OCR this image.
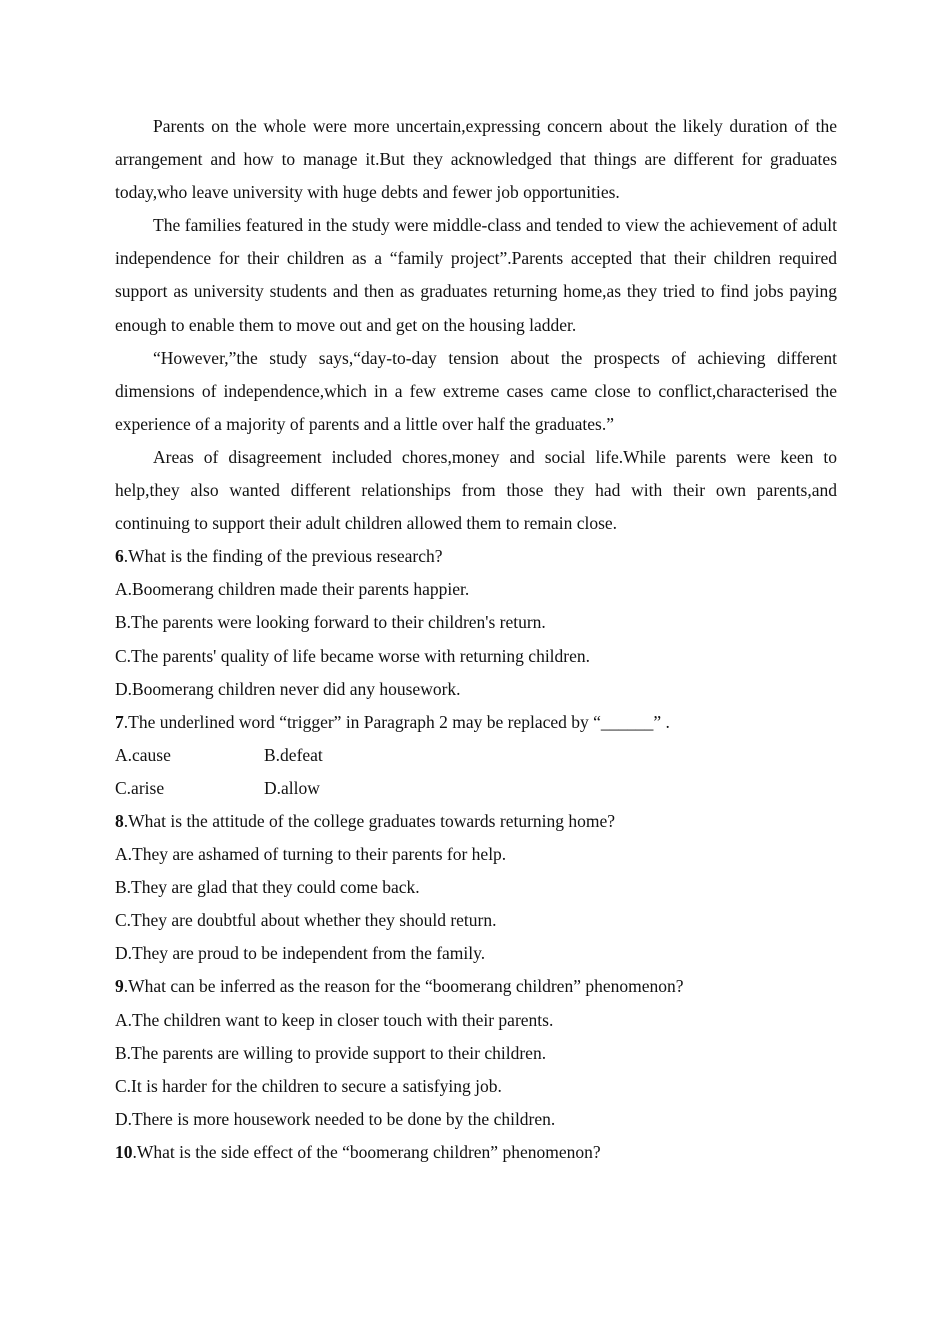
Parents on the whole were more uncertain,expressing concern about the likely duration of the arrangement and how to manage it.But they acknowledged that things are different for graduates today,who leave university with huge debts and fewer job opportunities.

The families featured in the study were middle-class and tended to view the achievement of adult independence for their children as a “family project”.Parents accepted that their children required support as university students and then as graduates returning home,as they tried to find jobs paying enough to enable them to move out and get on the housing ladder.

“However,”the study says,“day-to-day tension about the prospects of achieving different dimensions of independence,which in a few extreme cases came close to conflict,characterised the experience of a majority of parents and a little over half the graduates.”

Areas of disagreement included chores,money and social life.While parents were keen to help,they also wanted different relationships from those they had with their own parents,and continuing to support their adult children allowed them to remain close.

6.What is the finding of the previous research?

A.Boomerang children made their parents happier.

B.The parents were looking forward to their children's return.

C.The parents' quality of life became worse with returning children.

D.Boomerang children never did any housework.

7.The underlined word “trigger” in Paragraph 2 may be replaced by “______” .

A.cause	B.defeat

C.arise	D.allow

8.What is the attitude of the college graduates towards returning home?

A.They are ashamed of turning to their parents for help.

B.They are glad that they could come back.

C.They are doubtful about whether they should return.

D.They are proud to be independent from the family.

9.What can be inferred as the reason for the “boomerang children” phenomenon?

A.The children want to keep in closer touch with their parents.

B.The parents are willing to provide support to their children.

C.It is harder for the children to secure a satisfying job.

D.There is more housework needed to be done by the children.

10.What is the side effect of the “boomerang children” phenomenon?
